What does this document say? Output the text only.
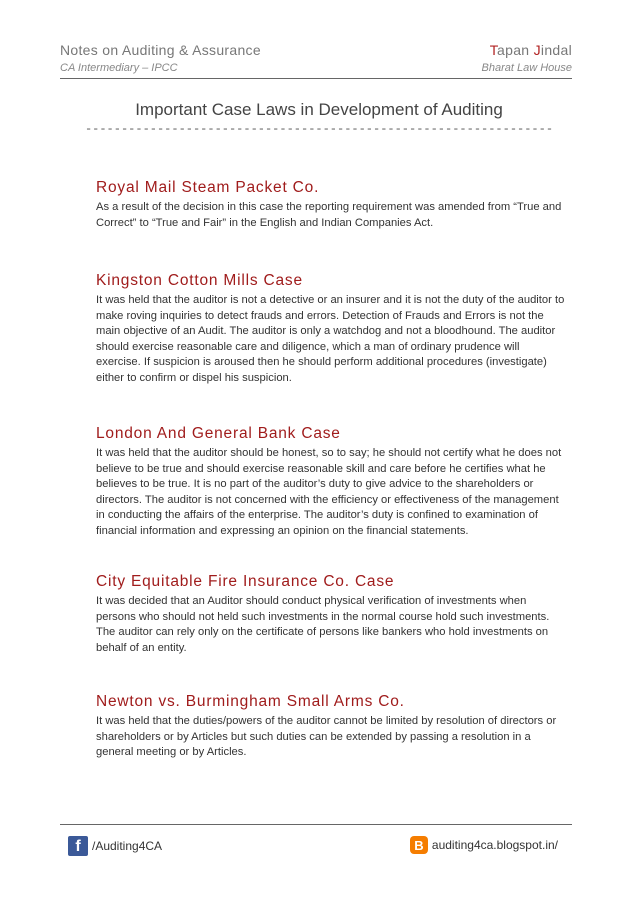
Notes on Auditing & Assurance
CA Intermediary – IPCC
Tapan Jindal
Bharat Law House
Important Case Laws in Development of Auditing
-----------------------------------------------------------------
Royal Mail Steam Packet Co.

As a result of the decision in this case the reporting requirement was amended from “True and Correct” to “True and Fair” in the English and Indian Companies Act.

Kingston Cotton Mills Case

It was held that the auditor is not a detective or an insurer and it is not the duty of the auditor to make roving inquiries to detect frauds and errors. Detection of Frauds and Errors is not the main objective of an Audit. The auditor is only a watchdog and not a bloodhound. The auditor should exercise reasonable care and diligence, which a man of ordinary prudence will exercise. If suspicion is aroused then he should perform additional procedures (investigate) either to confirm or dispel his suspicion.

London And General Bank Case

It was held that the auditor should be honest, so to say; he should not certify what he does not believe to be true and should exercise reasonable skill and care before he certifies what he believes to be true. It is no part of the auditor’s duty to give advice to the shareholders or directors. The auditor is not concerned with the efficiency or effectiveness of the management in conducting the affairs of the enterprise. The auditor’s duty is confined to examination of financial information and expressing an opinion on the financial statements.

City Equitable Fire Insurance Co. Case

It was decided that an Auditor should conduct physical verification of investments when persons who should not held such investments in the normal course hold such investments. The auditor can rely only on the certificate of persons like bankers who hold investments on behalf of an entity.

Newton vs. Burmingham Small Arms Co.

It was held that the duties/powers of the auditor cannot be limited by resolution of directors or shareholders or by Articles but such duties can be extended by passing a resolution in a general meeting or by Articles.

f /Auditing4CA	B auditing4ca.blogspot.in/
